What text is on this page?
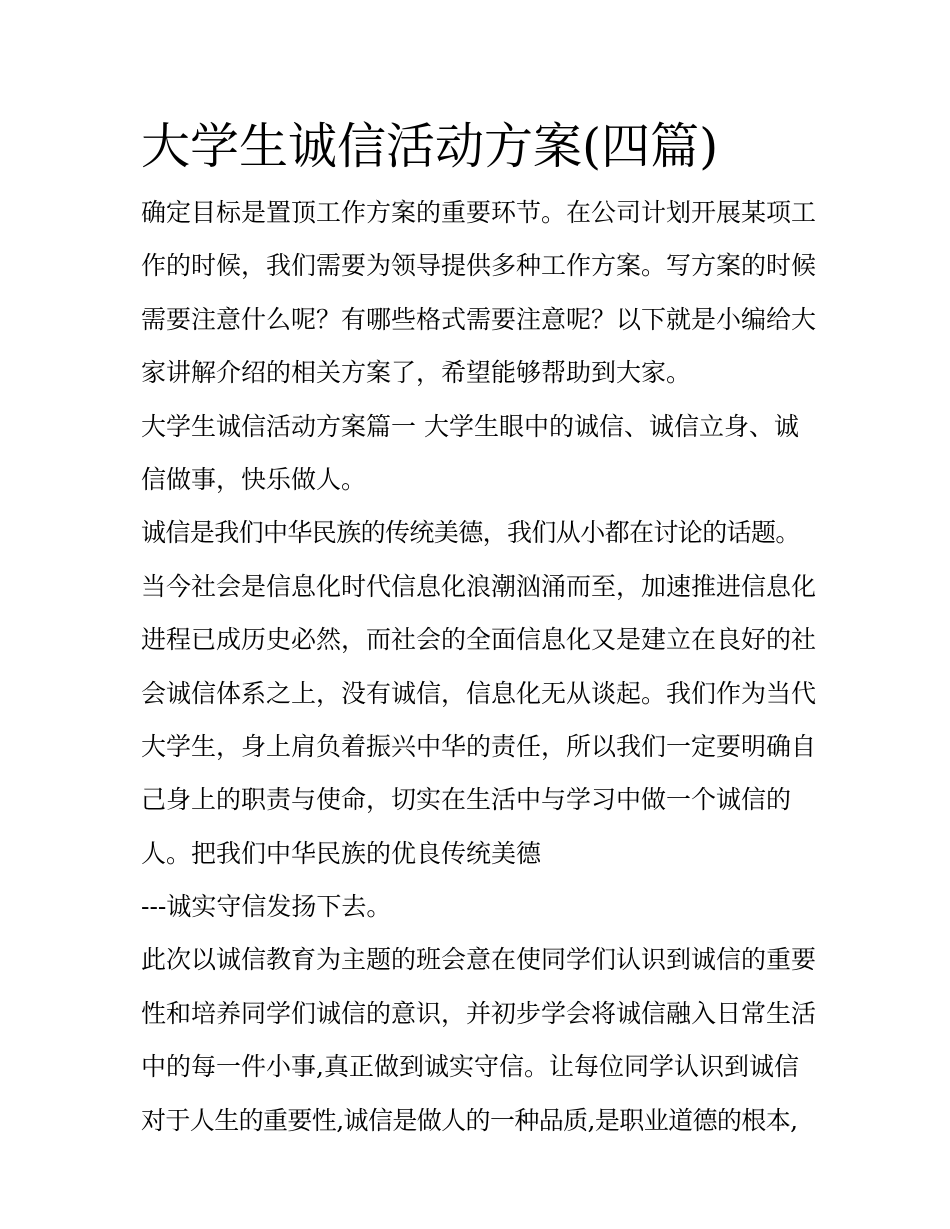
大学生诚信活动方案(四篇)
确定目标是置顶工作方案的重要环节。在公司计划开展某项工
作的时候，我们需要为领导提供多种工作方案。写方案的时候
需要注意什么呢？有哪些格式需要注意呢？以下就是小编给大
家讲解介绍的相关方案了，希望能够帮助到大家。
大学生诚信活动方案篇一 大学生眼中的诚信、诚信立身、诚
信做事，快乐做人。
诚信是我们中华民族的传统美德，我们从小都在讨论的话题。
当今社会是信息化时代信息化浪潮汹涌而至，加速推进信息化
进程已成历史必然，而社会的全面信息化又是建立在良好的社
会诚信体系之上，没有诚信，信息化无从谈起。我们作为当代
大学生，身上肩负着振兴中华的责任，所以我们一定要明确自
己身上的职责与使命，切实在生活中与学习中做一个诚信的
人。把我们中华民族的优良传统美德
---诚实守信发扬下去。
此次以诚信教育为主题的班会意在使同学们认识到诚信的重要
性和培养同学们诚信的意识，并初步学会将诚信融入日常生活
中的每一件小事,真正做到诚实守信。让每位同学认识到诚信
对于人生的重要性,诚信是做人的一种品质,是职业道德的根本,
